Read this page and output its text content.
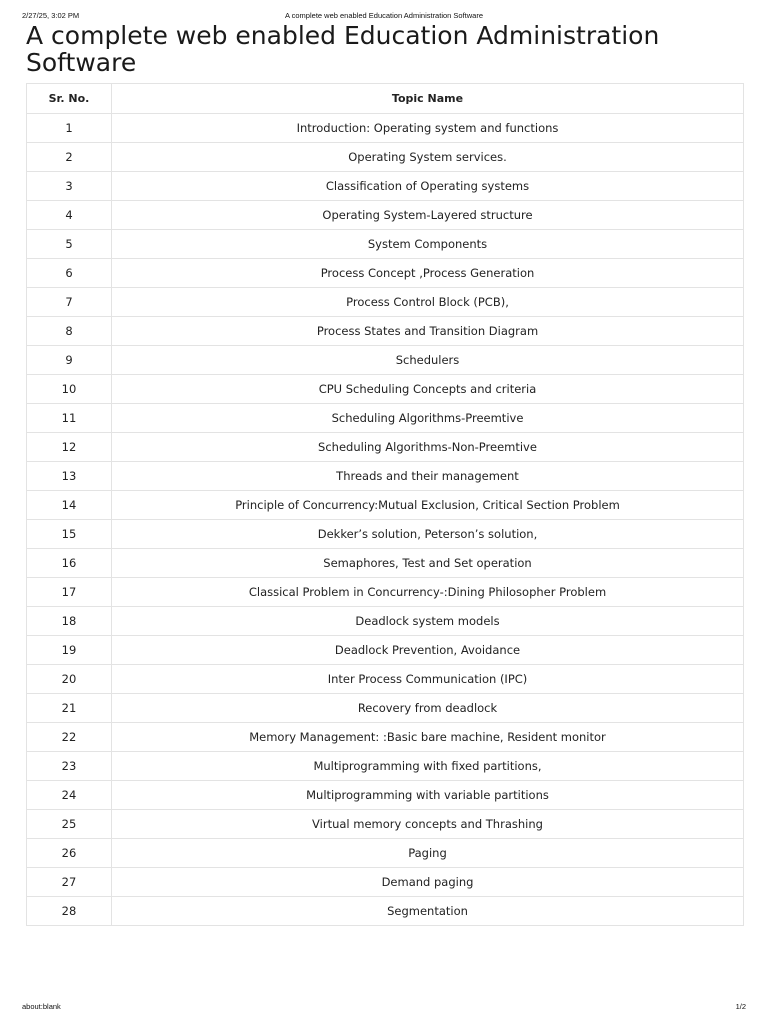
2/27/25, 3:02 PM	A complete web enabled Education Administration Software
A complete web enabled Education Administration Software
Sr. No.	Topic Name
1	Introduction: Operating system and functions
2	Operating System services.
3	Classification of Operating systems
4	Operating System-Layered structure
5	System Components
6	Process Concept ,Process Generation
7	Process Control Block (PCB),
8	Process States and Transition Diagram
9	Schedulers
10	CPU Scheduling Concepts and criteria
11	Scheduling Algorithms-Preemtive
12	Scheduling Algorithms-Non-Preemtive
13	Threads and their management
14	Principle of Concurrency:Mutual Exclusion, Critical Section Problem
15	Dekker’s solution, Peterson’s solution,
16	Semaphores, Test and Set operation
17	Classical Problem in Concurrency-:Dining Philosopher Problem
18	Deadlock system models
19	Deadlock Prevention, Avoidance
20	Inter Process Communication (IPC)
21	Recovery from deadlock
22	Memory Management: :Basic bare machine, Resident monitor
23	Multiprogramming with fixed partitions,
24	Multiprogramming with variable partitions
25	Virtual memory concepts and Thrashing
26	Paging
27	Demand paging
28	Segmentation
about:blank	1/2
